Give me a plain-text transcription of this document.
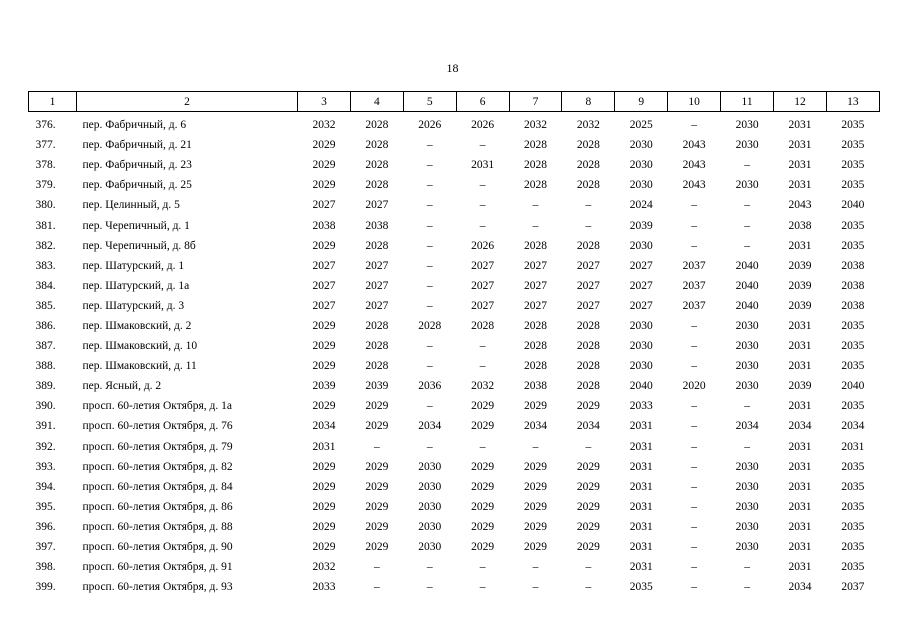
18
1	2	3	4	5	6	7	8	9	10	11	12	13
376.	пер. Фабричный, д. 6	2032	2028	2026	2026	2032	2032	2025	–	2030	2031	2035
377.	пер. Фабричный, д. 21	2029	2028	–	–	2028	2028	2030	2043	2030	2031	2035
378.	пер. Фабричный, д. 23	2029	2028	–	2031	2028	2028	2030	2043	–	2031	2035
379.	пер. Фабричный, д. 25	2029	2028	–	–	2028	2028	2030	2043	2030	2031	2035
380.	пер. Целинный, д. 5	2027	2027	–	–	–	–	2024	–	–	2043	2040
381.	пер. Черепичный, д. 1	2038	2038	–	–	–	–	2039	–	–	2038	2035
382.	пер. Черепичный, д. 8б	2029	2028	–	2026	2028	2028	2030	–	–	2031	2035
383.	пер. Шатурский, д. 1	2027	2027	–	2027	2027	2027	2027	2037	2040	2039	2038
384.	пер. Шатурский, д. 1а	2027	2027	–	2027	2027	2027	2027	2037	2040	2039	2038
385.	пер. Шатурский, д. 3	2027	2027	–	2027	2027	2027	2027	2037	2040	2039	2038
386.	пер. Шмаковский, д. 2	2029	2028	2028	2028	2028	2028	2030	–	2030	2031	2035
387.	пер. Шмаковский, д. 10	2029	2028	–	–	2028	2028	2030	–	2030	2031	2035
388.	пер. Шмаковский, д. 11	2029	2028	–	–	2028	2028	2030	–	2030	2031	2035
389.	пер. Ясный, д. 2	2039	2039	2036	2032	2038	2028	2040	2020	2030	2039	2040
390.	просп. 60-летия Октября, д. 1а	2029	2029	–	2029	2029	2029	2033	–	–	2031	2035
391.	просп. 60-летия Октября, д. 76	2034	2029	2034	2029	2034	2034	2031	–	2034	2034	2034
392.	просп. 60-летия Октября, д. 79	2031	–	–	–	–	–	2031	–	–	2031	2031
393.	просп. 60-летия Октября, д. 82	2029	2029	2030	2029	2029	2029	2031	–	2030	2031	2035
394.	просп. 60-летия Октября, д. 84	2029	2029	2030	2029	2029	2029	2031	–	2030	2031	2035
395.	просп. 60-летия Октября, д. 86	2029	2029	2030	2029	2029	2029	2031	–	2030	2031	2035
396.	просп. 60-летия Октября, д. 88	2029	2029	2030	2029	2029	2029	2031	–	2030	2031	2035
397.	просп. 60-летия Октября, д. 90	2029	2029	2030	2029	2029	2029	2031	–	2030	2031	2035
398.	просп. 60-летия Октября, д. 91	2032	–	–	–	–	–	2031	–	–	2031	2035
399.	просп. 60-летия Октября, д. 93	2033	–	–	–	–	–	2035	–	–	2034	2037
